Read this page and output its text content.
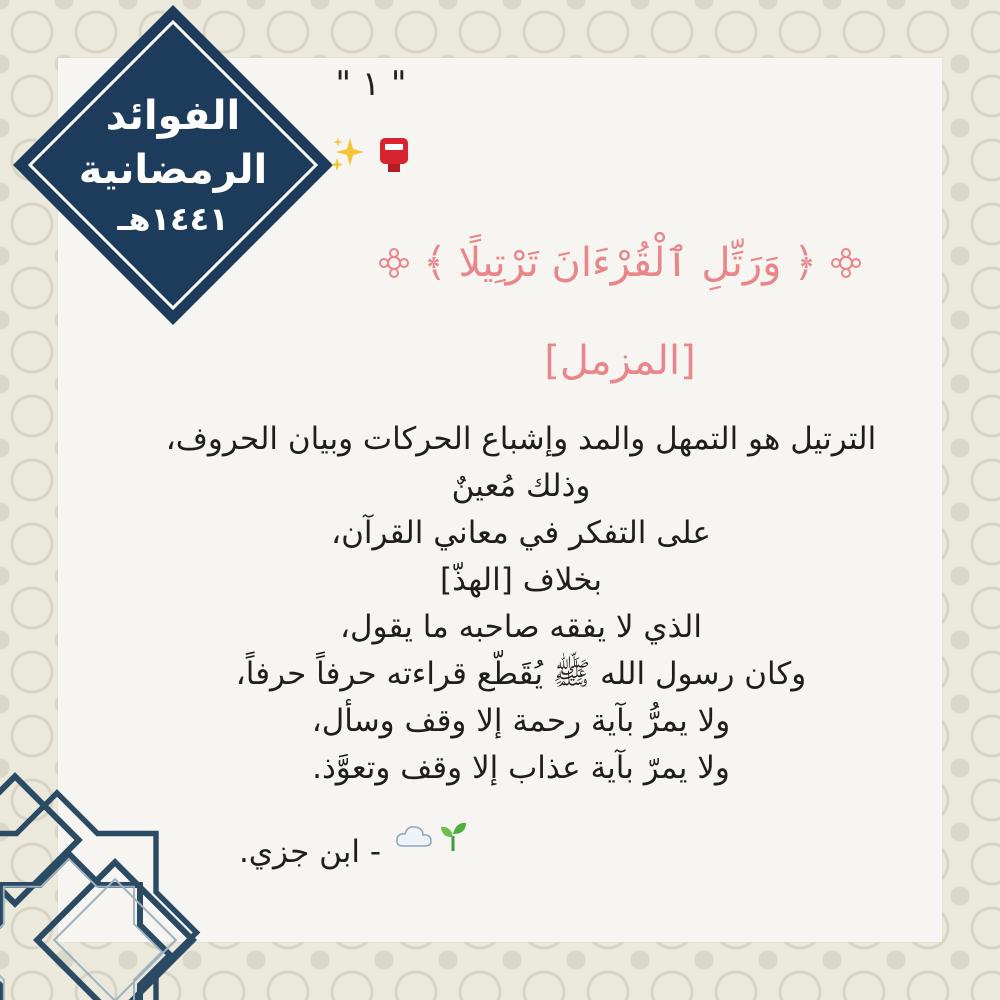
الفوائد
الرمضانية
١٤٤١هـ
" ١ "
﴿
وَرَتِّلِ ٱلْقُرْءَانَ تَرْتِيلًا
﴾
[المزمل]
الترتيل هو التمهل والمد وإشباع الحركات وبيان الحروف،
وذلك مُعينٌ
على التفكر في معاني القرآن،
بخلاف [الهذّ]
الذي لا يفقه صاحبه ما يقول،
وكان رسول الله ﷺ يُقَطّع قراءته حرفاً حرفاً،
ولا يمرُّ بآية رحمة إلا وقف وسأل،
ولا يمرّ بآية عذاب إلا وقف وتعوَّذ.
- ابن جزي.
